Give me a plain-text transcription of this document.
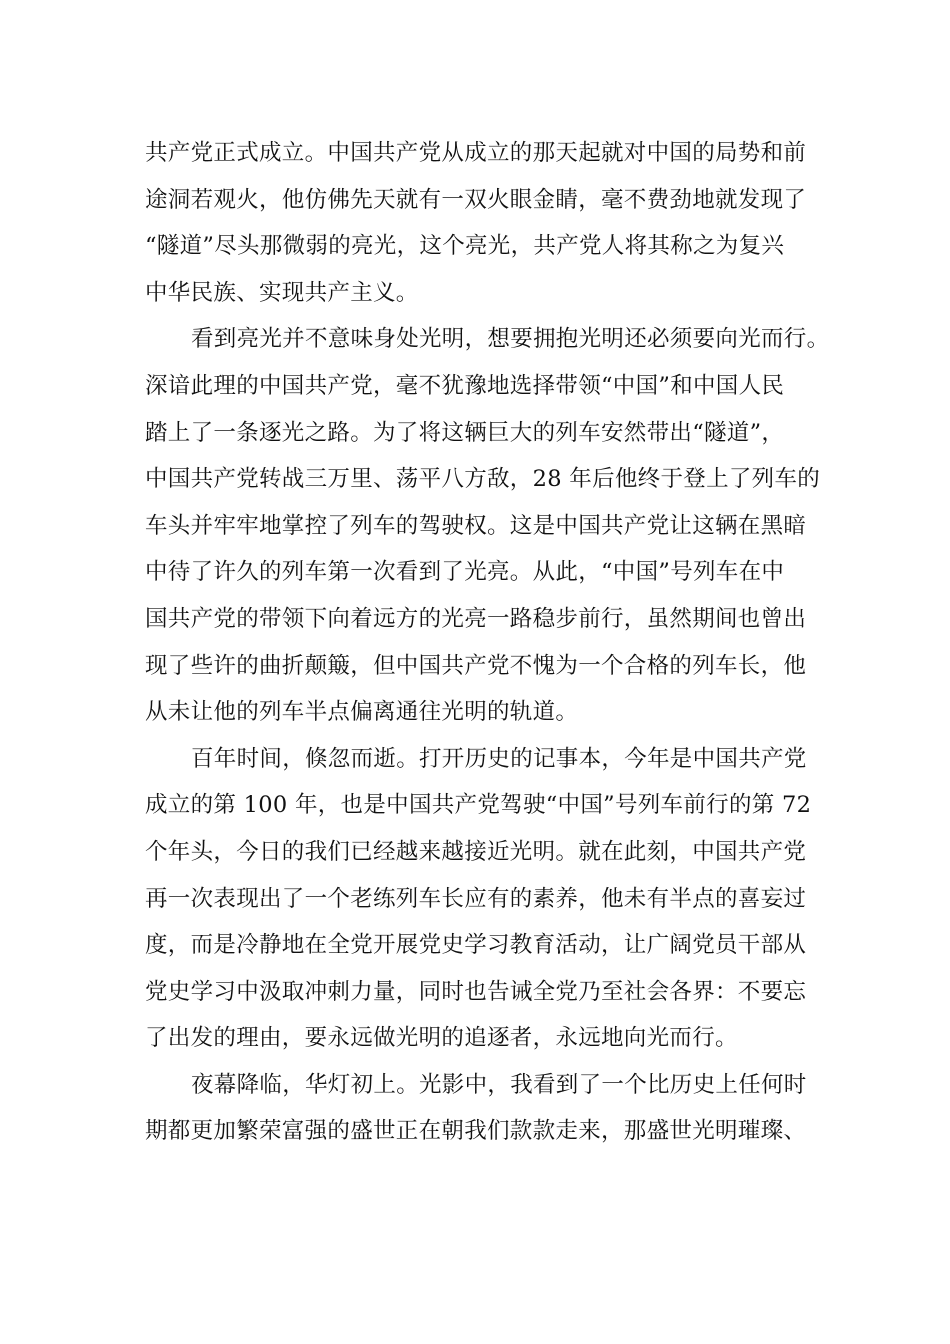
共产党正式成立。中国共产党从成立的那天起就对中国的局势和前
途洞若观火，他仿佛先天就有一双火眼金睛，毫不费劲地就发现了
“隧道”尽头那微弱的亮光，这个亮光，共产党人将其称之为复兴
中华民族、实现共产主义。
看到亮光并不意味身处光明，想要拥抱光明还必须要向光而行。
深谙此理的中国共产党，毫不犹豫地选择带领“中国”和中国人民
踏上了一条逐光之路。为了将这辆巨大的列车安然带出“隧道”，
中国共产党转战三万里、荡平八方敌，28 年后他终于登上了列车的
车头并牢牢地掌控了列车的驾驶权。这是中国共产党让这辆在黑暗
中待了许久的列车第一次看到了光亮。从此，“中国”号列车在中
国共产党的带领下向着远方的光亮一路稳步前行，虽然期间也曾出
现了些许的曲折颠簸，但中国共产党不愧为一个合格的列车长，他
从未让他的列车半点偏离通往光明的轨道。
百年时间，倏忽而逝。打开历史的记事本，今年是中国共产党
成立的第 100 年，也是中国共产党驾驶“中国”号列车前行的第 72
个年头，今日的我们已经越来越接近光明。就在此刻，中国共产党
再一次表现出了一个老练列车长应有的素养，他未有半点的喜妄过
度，而是冷静地在全党开展党史学习教育活动，让广阔党员干部从
党史学习中汲取冲刺力量，同时也告诫全党乃至社会各界：不要忘
了出发的理由，要永远做光明的追逐者，永远地向光而行。
夜幕降临，华灯初上。光影中，我看到了一个比历史上任何时
期都更加繁荣富强的盛世正在朝我们款款走来，那盛世光明璀璨、
